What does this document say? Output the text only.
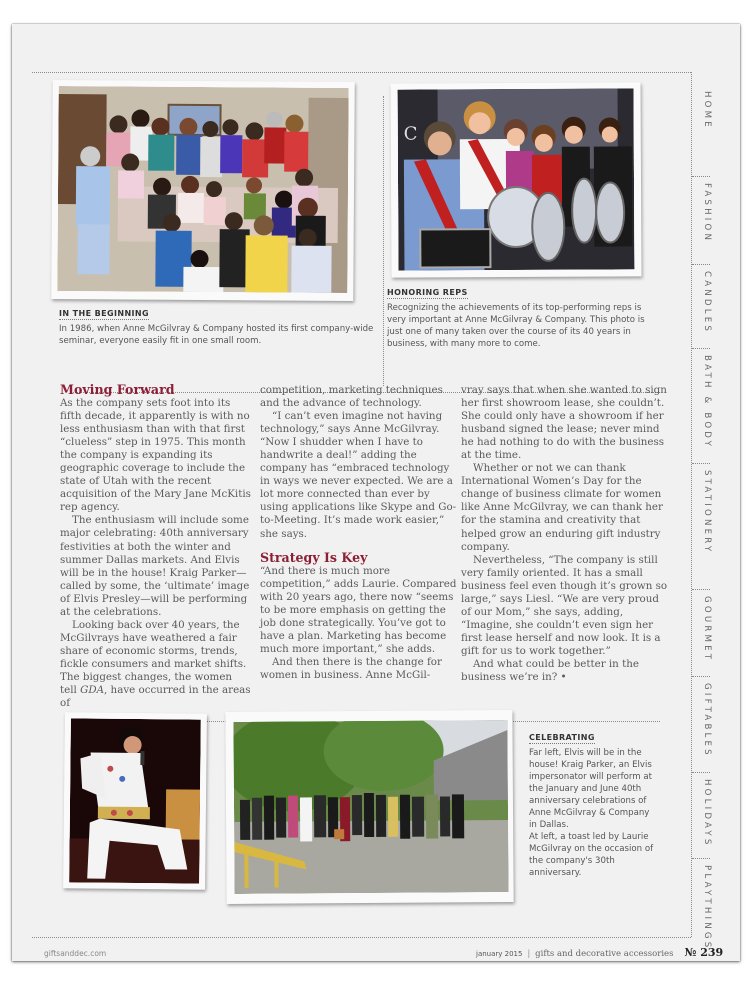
HOME
FASHION
CANDLES
BATH & BODY
STATIONERY
GOURMET
GIFTABLES
HOLIDAYS
PLAYTHINGS
IN THE BEGINNING
In 1986, when Anne McGilvray & Company hosted its first company-wide seminar, everyone easily fit in one small room.
C
HONORING REPS
Recognizing the achievements of its top-performing reps is very important at Anne McGilvray & Company. This photo is just one of many taken over the course of its 40 years in business, with many more to come.
Moving Forward

As the company sets foot into its fifth decade, it apparently is with no less enthusiasm than with that first “clueless” step in 1975. This month the company is expanding its geographic coverage to include the state of Utah with the recent acquisition of the Mary Jane McKitis rep agency.

The enthusiasm will include some major celebrating: 40th anniversary festivities at both the winter and summer Dallas markets. And Elvis will be in the house! Kraig Parker—called by some, the ‘ultimate’ image of Elvis Presley—will be performing at the celebrations.

Looking back over 40 years, the McGilvrays have weathered a fair share of economic storms, trends, fickle consumers and market shifts. The biggest changes, the women tell GDA, have occurred in the areas of

competition, marketing techniques and the advance of technology.

“I can’t even imagine not having technology,” says Anne McGilvray. “Now I shudder when I have to handwrite a deal!” adding the company has “embraced technology in ways we never expected. We are a lot more connected than ever by using applications like Skype and Go-to-Meeting. It’s made work easier,” she says.

Strategy Is Key

“And there is much more competition,” adds Laurie. Compared with 20 years ago, there now “seems to be more emphasis on getting the job done strategically. You’ve got to have a plan. Marketing has become much more important,” she adds.

And then there is the change for women in business. Anne McGil-

vray says that when she wanted to sign her first showroom lease, she couldn’t. She could only have a showroom if her husband signed the lease; never mind he had nothing to do with the business at the time.

Whether or not we can thank International Women’s Day for the change of business climate for women like Anne McGilvray, we can thank her for the stamina and creativity that helped grow an enduring gift industry company.

Nevertheless, “The company is still very family oriented. It has a small business feel even though it’s grown so large,” says Liesl. “We are very proud of our Mom,” she says, adding, “Imagine, she couldn’t even sign her first lease herself and now look. It is a gift for us to work together.”

And what could be better in the business we’re in? •

CELEBRATING
Far left, Elvis will be in the house! Kraig Parker, an Elvis impersonator will perform at the January and June 40th anniversary celebrations of Anne McGilvray & Company in Dallas.
At left, a toast led by Laurie McGilvray on the occasion of the company's 30th anniversary.
giftsanddec.com	january 2015 | gifts and decorative accessories № 239
